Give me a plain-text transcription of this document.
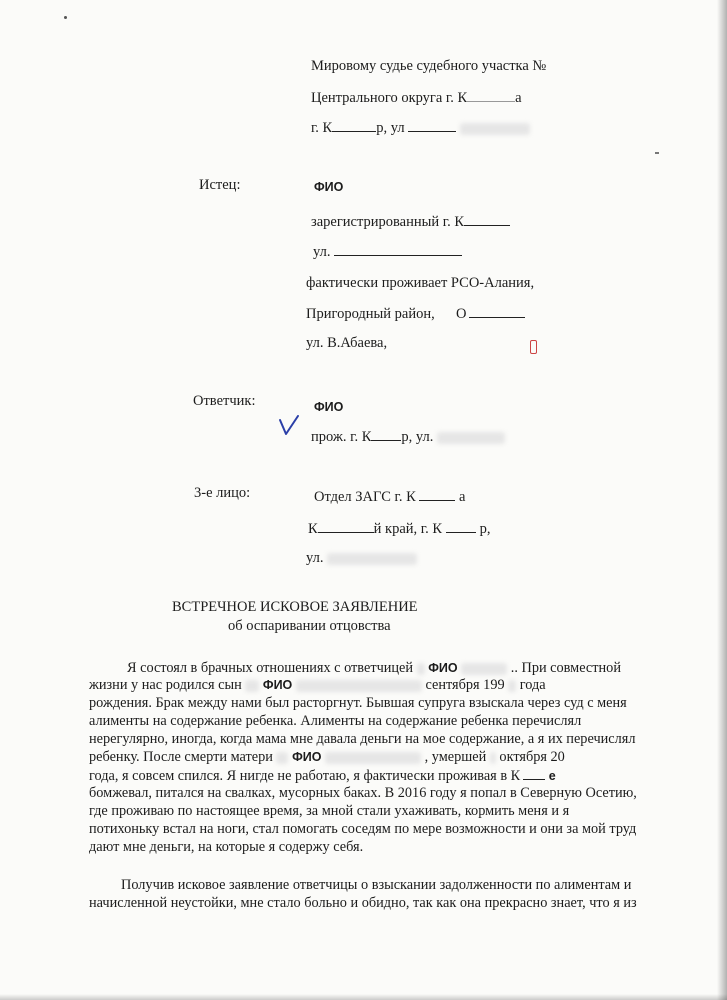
Мировому судье судебного участка №
Центрального округа г. К	а
г. К	р, ул
Истец:	ФИО
зарегистрированный г. К
ул.
фактически проживает РСО-Алания,
Пригородный район, О
ул. В.Абаева,
Ответчик:	ФИО
прож. г. К р, ул.
3-е лицо:	Отдел ЗАГС г. К	а
К	й край, г. К	р,
ул.
ВСТРЕЧНОЕ ИСКОВОЕ ЗАЯВЛЕНИЕ
об оспаривании отцовства
Я состоял в брачных отношениях с ответчицей ФИО	.. При совместной
жизни у нас родился сын ФИО	сентября 199 года
рождения. Брак между нами был расторгнут. Бывшая супруга взыскала через суд с меня
алименты на содержание ребенка. Алименты на содержание ребенка перечислял
нерегулярно, иногда, когда мама мне давала деньги на мое содержание, а я их перечислял
ребенку. После смерти матери ФИО	, умершей октября 20
года, я совсем спился. Я нигде не работаю, я фактически проживая в К е
бомжевал, питался на свалках, мусорных баках. В 2016 году я попал в Северную Осетию,
где проживаю по настоящее время, за мной стали ухаживать, кормить меня и я
потихоньку встал на ноги, стал помогать соседям по мере возможности и они за мой труд
дают мне деньги, на которые я содержу себя.
Получив исковое заявление ответчицы о взыскании задолженности по алиментам и
начисленной неустойки, мне стало больно и обидно, так как она прекрасно знает, что я из
